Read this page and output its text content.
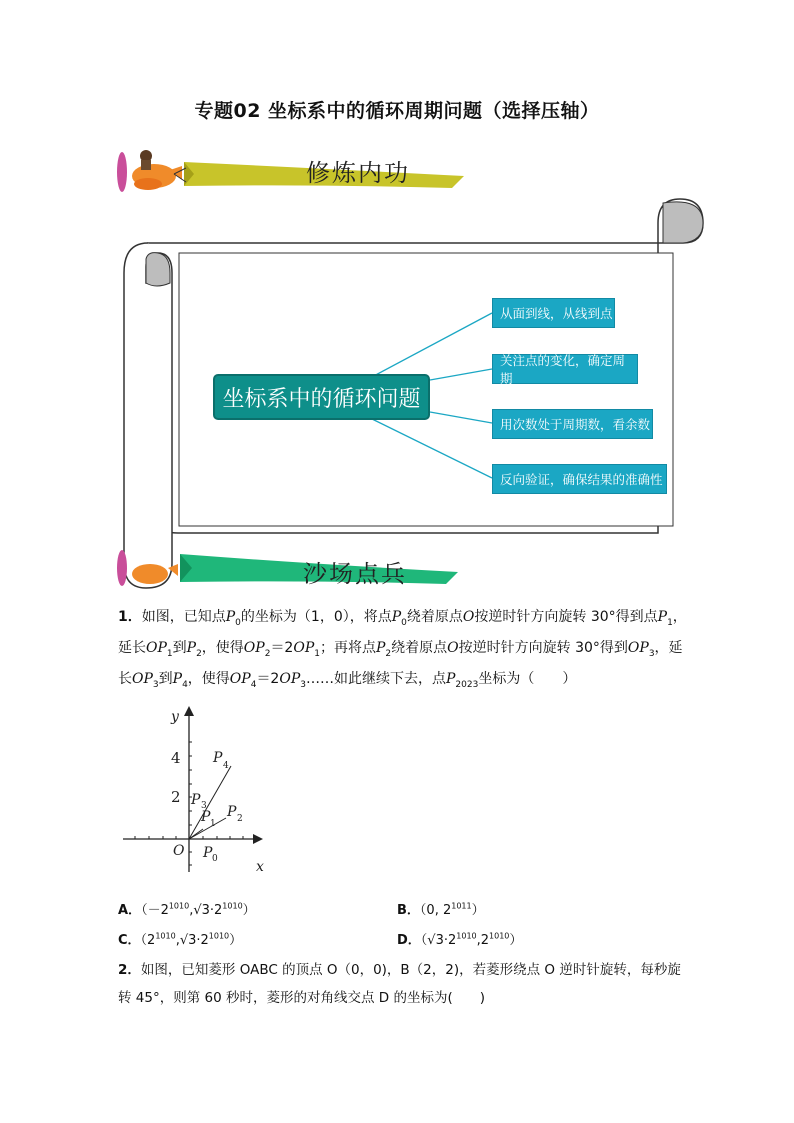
专题02 坐标系中的循环周期问题（选择压轴）
修炼内功
坐标系中的循环问题
从面到线，从线到点
关注点的变化，确定周期
用次数处于周期数，看余数
反向验证，确保结果的准确性
沙场点兵
1．如图，已知点$P_0$的坐标为（1，0），将点$P_0$绕着原点O按逆时针方向旋转 30°得到点$P_1$，
延长$OP_1$到$P_2$，使得$OP_2=2OP_1$；再将点$P_2$绕着原点O按逆时针方向旋转 30°得到$OP_3$，延
长$OP_3$到$P_4$，使得$OP_4=2OP_3\dots\dots$如此继续下去，点$P_{2023}$坐标为（　　）
y
x
O
P
P
P P
P
4
3
1 2
0
4
2
A．$(-2^{1010},√3\cdot 2^{1010})$	B．（0, $2^{1011}$）
C．$(2^{1010},√3\cdot 2^{1010})$	D．$(√3\cdot 2^{1010},2^{1010})$
2．如图，已知菱形 OABC 的顶点 O（0，0)，B（2，2)，若菱形绕点 O 逆时针旋转，每秒旋
转 45°，则第 60 秒时，菱形的对角线交点 D 的坐标为(　　)
